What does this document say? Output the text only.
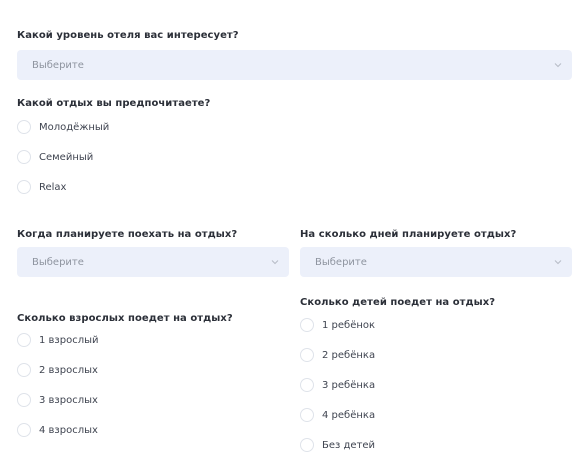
Какой уровень отеля вас интересует?
Выберите
Какой отдых вы предпочитаете?
Молодёжный
Семейный
Relax
Когда планируете поехать на отдых?
Выберите
На сколько дней планируете отдых?
Выберите
Сколько взрослых поедет на отдых?
1 взрослый
2 взрослых
3 взрослых
4 взрослых
Сколько детей поедет на отдых?
1 ребёнок
2 ребёнка
3 ребёнка
4 ребёнка
Без детей
